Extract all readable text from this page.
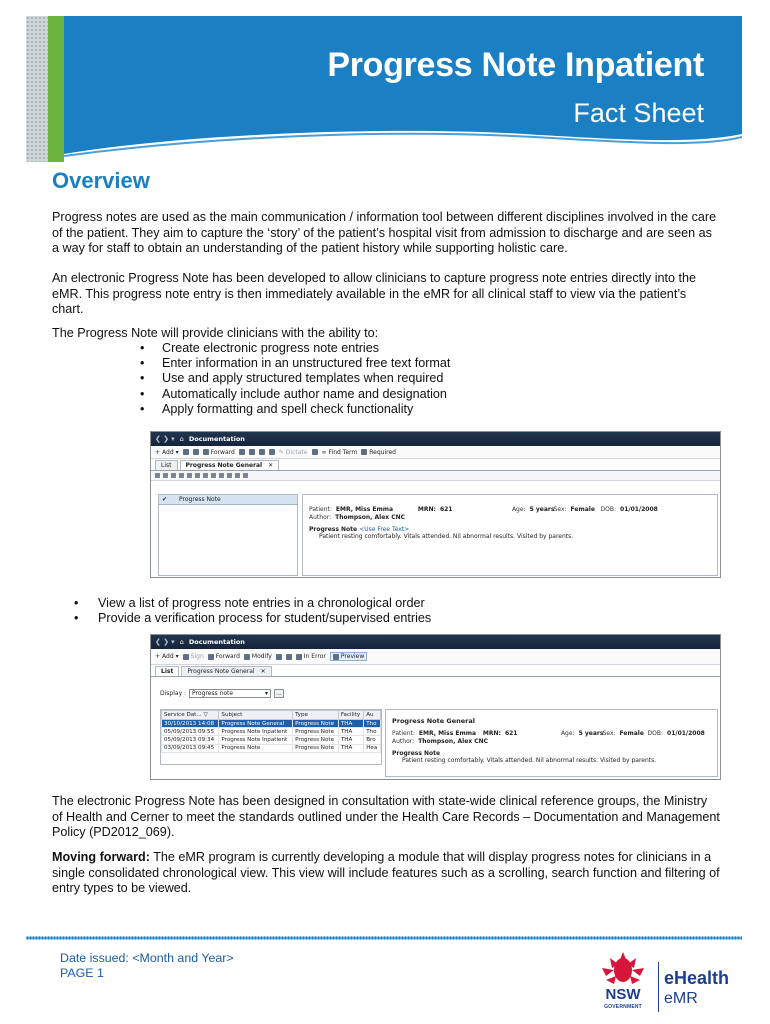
Progress Note Inpatient
Fact Sheet
Overview

Progress notes are used as the main communication / information tool between different disciplines involved in the care of the patient. They aim to capture the ‘story’ of the patient’s hospital visit from admission to discharge and are seen as a way for staff to obtain an understanding of the patient history while supporting holistic care.

An electronic Progress Note has been developed to allow clinicians to capture progress note entries directly into the eMR. This progress note entry is then immediately available in the eMR for all clinical staff to view via the patient’s chart.

The Progress Note will provide clinicians with the ability to:

• Create electronic progress note entries
• Enter information in an unstructured free text format
• Use and apply structured templates when required
• Automatically include author name and designation
• Apply formatting and spell check functionality
❮ ❯ ▾ ⌂ Documentation
+ Add ▾	Forward	✎ Dictate ∞ Find Term Required
List	Progress Note General ✕
✔ Progress Note
Patient: EMR, Miss Emma	MRN: 621	Age: 5 years Sex: Female DOB: 01/01/2008
Author: Thompson, Alex CNC
Progress Note <Use Free Text>
Patient resting comfortably. Vitals attended. Nil abnormal results. Visited by parents.
• View a list of progress note entries in a chronological order
• Provide a verification process for student/supervised entries
❮ ❯ ▾ ⌂ Documentation
+ Add ▾ Sign Forward Modify	In Error	Preview
List	Progress Note General ✕
Display : Progress note	▾	…
Service Dat... ▽	Subject	Type	Facility	Au
30/10/2013 14:08	Progress Note General	Progress Note	THA	Tho
05/09/2013 09:55	Progress Note Inpatient	Progress Note	THA	Tho
05/09/2013 09:34	Progress Note Inpatient	Progress Note	THA	Bro
03/09/2013 09:45	Progress Note	Progress Note	THA	Hea
Progress Note General
Patient: EMR, Miss Emma	MRN: 621	Age: 5 years Sex: Female DOB: 01/01/2008
Author: Thompson, Alex CNC
Progress Note
Patient resting comfortably. Vitals attended. Nil abnormal results. Visited by parents.

The electronic Progress Note has been designed in consultation with state-wide clinical reference groups, the Ministry of Health and Cerner to meet the standards outlined under the Health Care Records – Documentation and Management Policy (PD2012_069).

Moving forward: The eMR program is currently developing a module that will display progress notes for clinicians in a single consolidated chronological view. This view will include features such as a scrolling, search function and filtering of entry types to be viewed.

Date issued: <Month and Year>
PAGE 1
NSW
GOVERNMENT
eHealth
eMR
